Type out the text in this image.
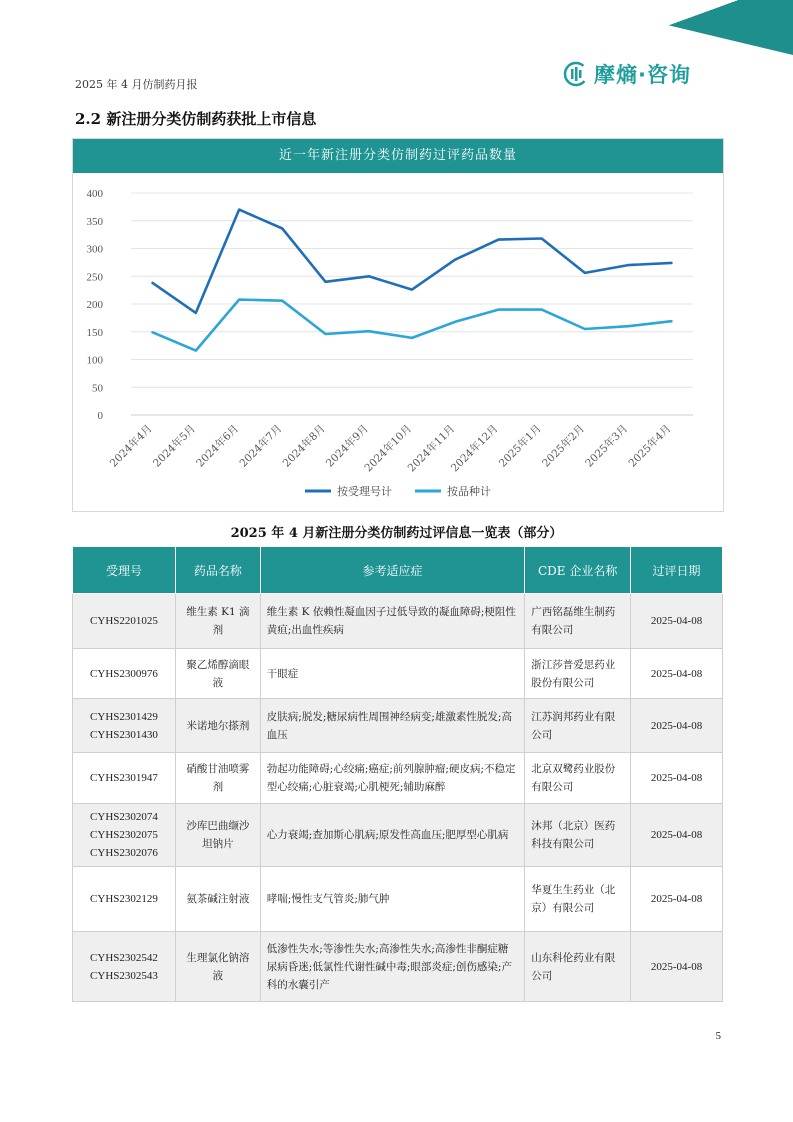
2025 年 4 月仿制药月报	摩熵·咨询
2.2 新注册分类仿制药获批上市信息
近一年新注册分类仿制药过评药品数量
0
50
100
150
200
250
300
350
400
2024年4月
2024年5月
2024年6月
2024年7月
2024年8月
2024年9月
2024年10月
2024年11月
2024年12月
2025年1月
2025年2月
2025年3月
2025年4月
按受理号计	按品种计
2025 年 4 月新注册分类仿制药过评信息一览表（部分）
受理号	药品名称	参考适应症	CDE 企业名称	过评日期

CYHS2201025	维生素 K1 滴剂	维生素 K 依赖性凝血因子过低导致的凝血障碍;梗阻性黄疸;出血性疾病	广西铭磊维生制药有限公司	2025-04-08

CYHS2300976	聚乙烯醇滴眼液	干眼症	浙江莎普爱思药业股份有限公司	2025-04-08

CYHS2301429
CYHS2301430	米诺地尔搽剂	皮肤病;脱发;糖尿病性周围神经病变;雄激素性脱发;高血压	江苏润邦药业有限公司	2025-04-08

CYHS2301947	硝酸甘油喷雾剂	勃起功能障碍;心绞痛;癌症;前列腺肿瘤;硬皮病;不稳定型心绞痛;心脏衰竭;心肌梗死;辅助麻醉	北京双鹭药业股份有限公司	2025-04-08

CYHS2302074
CYHS2302075
CYHS2302076	沙库巴曲缬沙坦钠片	心力衰竭;查加斯心肌病;原发性高血压;肥厚型心肌病	沐邦（北京）医药科技有限公司	2025-04-08

CYHS2302129	氨茶碱注射液	哮喘;慢性支气管炎;肺气肿	华夏生生药业（北京）有限公司	2025-04-08

CYHS2302542
CYHS2302543	生理氯化钠溶液	低渗性失水;等渗性失水;高渗性失水;高渗性非酮症糖尿病昏迷;低氯性代谢性碱中毒;眼部炎症;创伤感染;产科的水囊引产	山东科伦药业有限公司	2025-04-08
5
